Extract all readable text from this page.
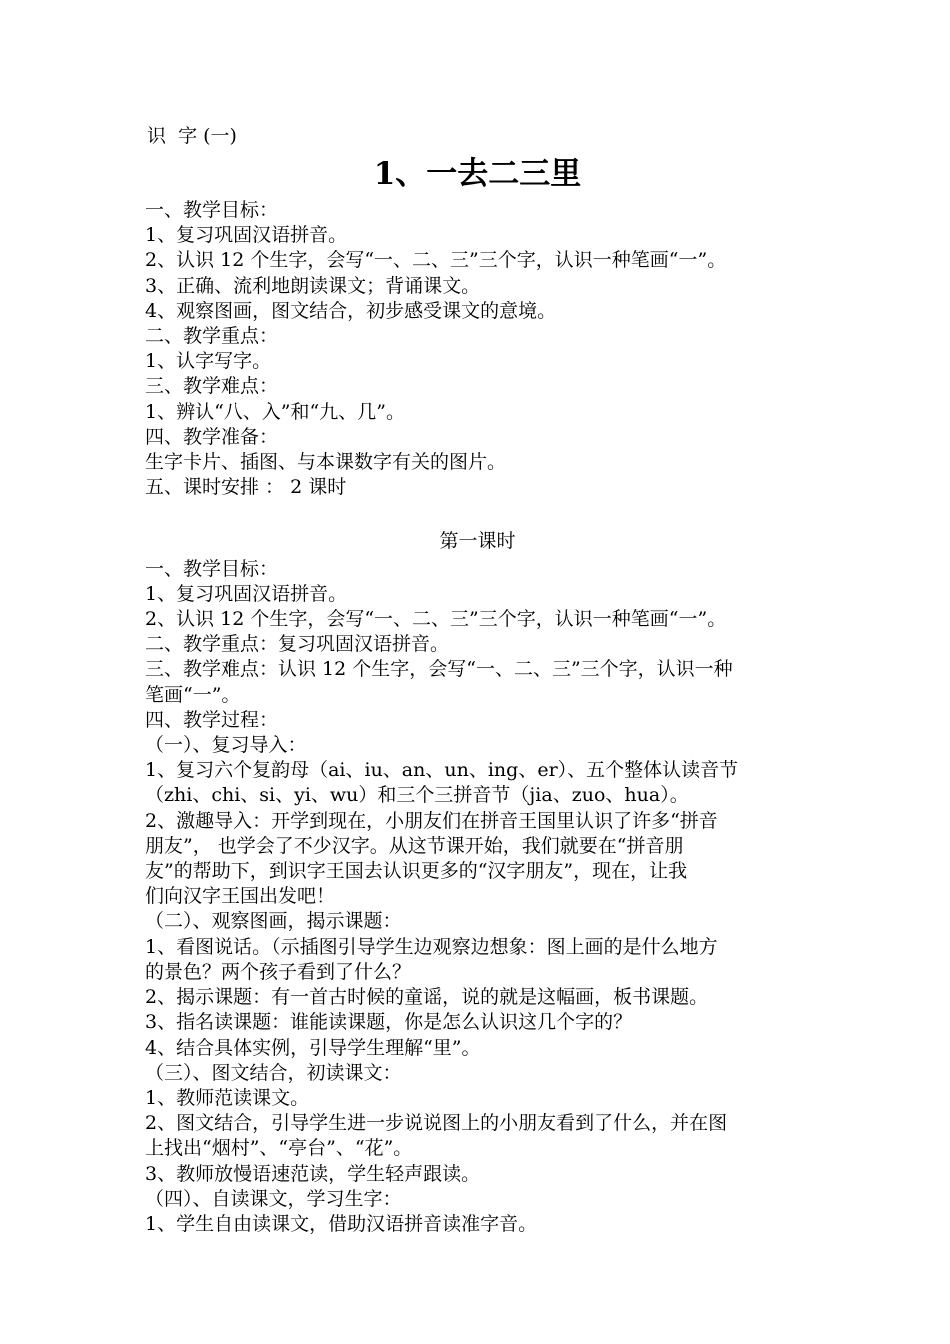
识  字 (一)
1、一去二三里
一、教学目标：
1、复习巩固汉语拼音。
2、认识 12 个生字，会写“一、二、三”三个字，认识一种笔画“一”。
3、正确、流利地朗读课文；背诵课文。
4、观察图画，图文结合，初步感受课文的意境。
二、教学重点：
1、认字写字。
三、教学难点：
1、辨认“八、入”和“九、几”。
四、教学准备：
生字卡片、插图、与本课数字有关的图片。
五、课时安排 ： 2 课时
第一课时
一、教学目标：
1、复习巩固汉语拼音。
2、认识 12 个生字，会写“一、二、三”三个字，认识一种笔画“一”。
二、教学重点：复习巩固汉语拼音。
三、教学难点：认识 12 个生字，会写“一、二、三”三个字，认识一种
笔画“一”。
四、教学过程：
（一）、复习导入：
1、复习六个复韵母（ai、iu、an、un、ing、er）、五个整体认读音节
（zhi、chi、si、yi、wu）和三个三拼音节（jia、zuo、hua）。
2、激趣导入：开学到现在，小朋友们在拼音王国里认识了许多“拼音
朋友”， 也学会了不少汉字。从这节课开始，我们就要在“拼音朋
友”的帮助下，到识字王国去认识更多的“汉字朋友”，现在，让我
们向汉字王国出发吧！
（二）、观察图画，揭示课题：
1、看图说话。（示插图引导学生边观察边想象：图上画的是什么地方
的景色？两个孩子看到了什么？
2、揭示课题：有一首古时候的童谣，说的就是这幅画，板书课题。
3、指名读课题：谁能读课题，你是怎么认识这几个字的？
4、结合具体实例，引导学生理解“里”。
（三）、图文结合，初读课文：
1、教师范读课文。
2、图文结合，引导学生进一步说说图上的小朋友看到了什么，并在图
上找出“烟村”、“亭台”、“花”。
3、教师放慢语速范读，学生轻声跟读。
（四）、自读课文，学习生字：
1、学生自由读课文，借助汉语拼音读准字音。
